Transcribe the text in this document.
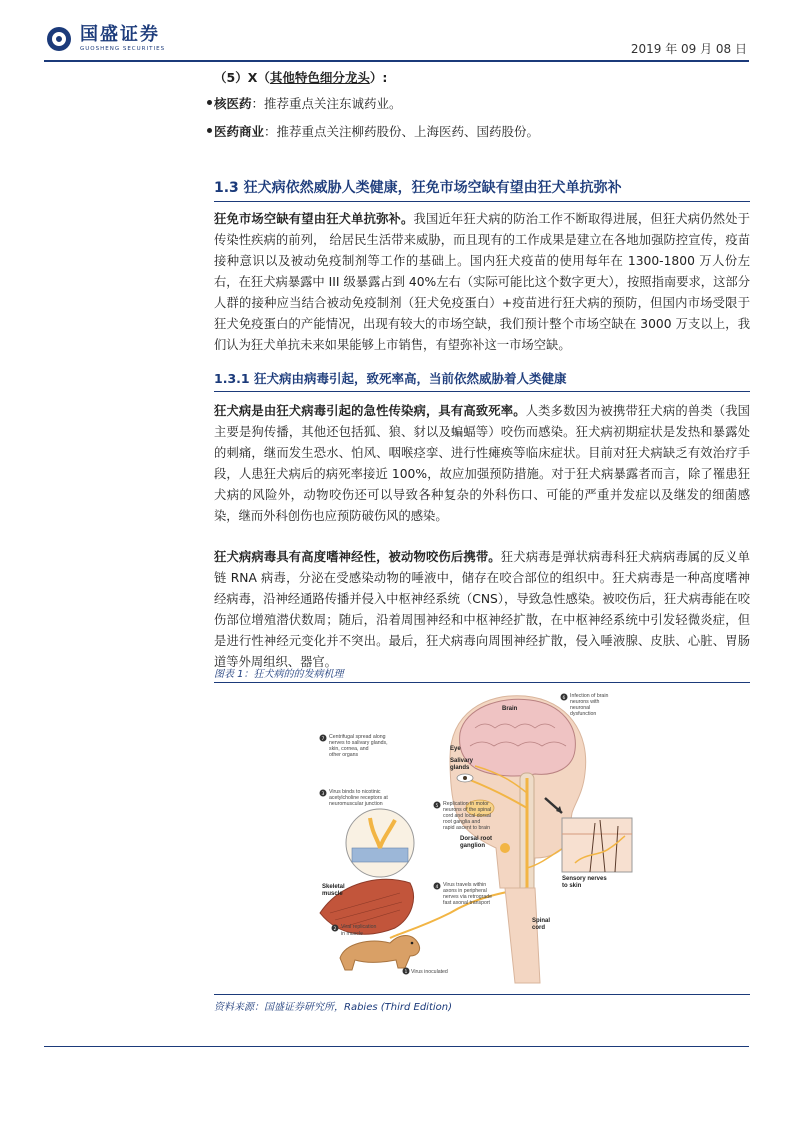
国盛证券
GUOSHENG SECURITIES	2019 年 09 月 08 日
（5）X（其他特色细分龙头）:
核医药：推荐重点关注东诚药业。
医药商业：推荐重点关注柳药股份、上海医药、国药股份。
1.3 狂犬病依然威胁人类健康，狂免市场空缺有望由狂犬单抗弥补
狂免市场空缺有望由狂犬单抗弥补。我国近年狂犬病的防治工作不断取得进展，但狂犬病仍然处于传染性疾病的前列， 给居民生活带来威胁，而且现有的工作成果是建立在各地加强防控宣传，疫苗接种意识以及被动免疫制剂等工作的基础上。国内狂犬疫苗的使用每年在 1300-1800 万人份左右，在狂犬病暴露中 III 级暴露占到 40%左右（实际可能比这个数字更大），按照指南要求，这部分人群的接种应当结合被动免疫制剂（狂犬免疫蛋白）+疫苗进行狂犬病的预防，但国内市场受限于狂犬免疫蛋白的产能情况，出现有较大的市场空缺，我们预计整个市场空缺在 3000 万支以上，我们认为狂犬单抗未来如果能够上市销售，有望弥补这一市场空缺。
1.3.1 狂犬病由病毒引起，致死率高，当前依然威胁着人类健康
狂犬病是由狂犬病毒引起的急性传染病，具有高致死率。人类多数因为被携带狂犬病的兽类（我国主要是狗传播，其他还包括狐、狼、豺以及蝙蝠等）咬伤而感染。狂犬病初期症状是发热和暴露处的刺痛，继而发生恐水、怕风、咽喉痉挛、进行性瘫痪等临床症状。目前对狂犬病缺乏有效治疗手段，人患狂犬病后的病死率接近 100%，故应加强预防措施。对于狂犬病暴露者而言，除了罹患狂犬病的风险外，动物咬伤还可以导致各种复杂的外科伤口、可能的严重并发症以及继发的细菌感染，继而外科创伤也应预防破伤风的感染。
狂犬病病毒具有高度嗜神经性，被动物咬伤后携带。狂犬病毒是弹状病毒科狂犬病病毒属的反义单链 RNA 病毒，分泌在受感染动物的唾液中，储存在咬合部位的组织中。狂犬病毒是一种高度嗜神经病毒，沿神经通路传播并侵入中枢神经系统（CNS），导致急性感染。被咬伤后，狂犬病毒能在咬伤部位增殖潜伏数周；随后，沿着周围神经和中枢神经扩散，在中枢神经系统中引发轻微炎症，但是进行性神经元变化并不突出。最后，狂犬病毒向周围神经扩散，侵入唾液腺、皮肤、心脏、胃肠道等外周组织、器官。
图表 1：狂犬病的的发病机理
1
2
3
4
5
6
7
Brain
Eye
Salivary
glands
Dorsal root
ganglion
Spinal
cord
Skeletal
muscle
Sensory nerves
to skin
Virus inoculated
Viral replication
in muscle
Virus binds to nicotinic
acetylcholine receptors at
neuromuscular junction
Virus travels within
axons in peripheral
nerves via retrograde
fast axonal transport
Replication in motor
neurons of the spinal
cord and local dorsal
root ganglia and
rapid ascent to brain
Infection of brain
neurons with
neuronal
dysfunction
Centrifugal spread along
nerves to salivary glands,
skin, cornea, and
other organs
资料来源：国盛证券研究所，Rabies (Third Edition)
